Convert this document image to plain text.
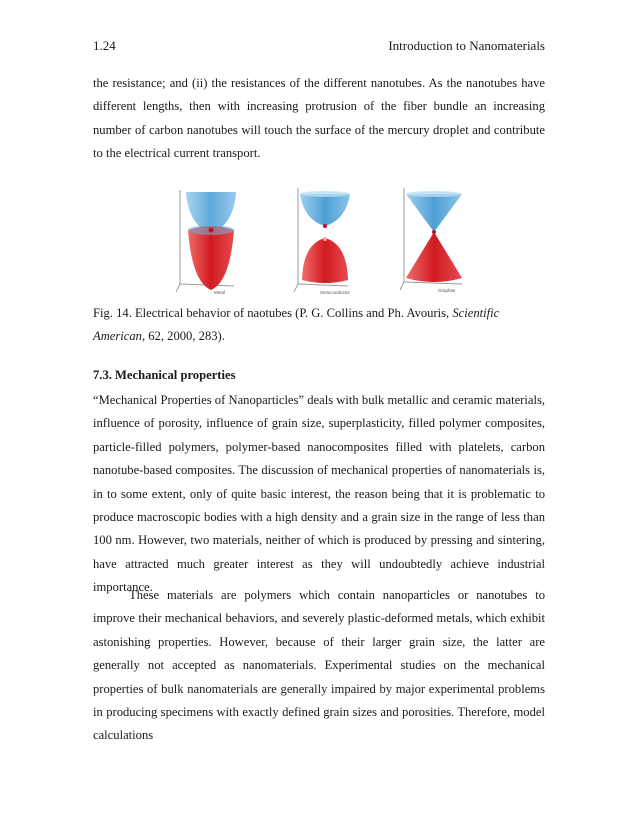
1.24	Introduction to Nanomaterials

the resistance; and (ii) the resistances of the different nanotubes. As the nanotubes have different lengths, then with increasing protrusion of the fiber bundle an increasing number of carbon nanotubes will touch the surface of the mercury droplet and contribute to the electrical current transport.

Metal	Semiconductor	Graphite

Fig. 14. Electrical behavior of naotubes (P. G. Collins and Ph. Avouris, Scientific American, 62, 2000, 283).

7.3. Mechanical properties

“Mechanical Properties of Nanoparticles” deals with bulk metallic and ceramic materials, influence of porosity, influence of grain size, superplasticity, filled polymer composites, particle-filled polymers, polymer-based nanocomposites filled with platelets, carbon nanotube-based composites. The discussion of mechanical properties of nanomaterials is, in to some extent, only of quite basic interest, the reason being that it is problematic to produce macroscopic bodies with a high density and a grain size in the range of less than 100 nm. However, two materials, neither of which is produced by pressing and sintering, have attracted much greater interest as they will undoubtedly achieve industrial importance.

These materials are polymers which contain nanoparticles or nanotubes to improve their mechanical behaviors, and severely plastic-deformed metals, which exhibit astonishing properties. However, because of their larger grain size, the latter are generally not accepted as nanomaterials. Experimental studies on the mechanical properties of bulk nanomaterials are generally impaired by major experimental problems in producing specimens with exactly defined grain sizes and porosities. Therefore, model calculations
